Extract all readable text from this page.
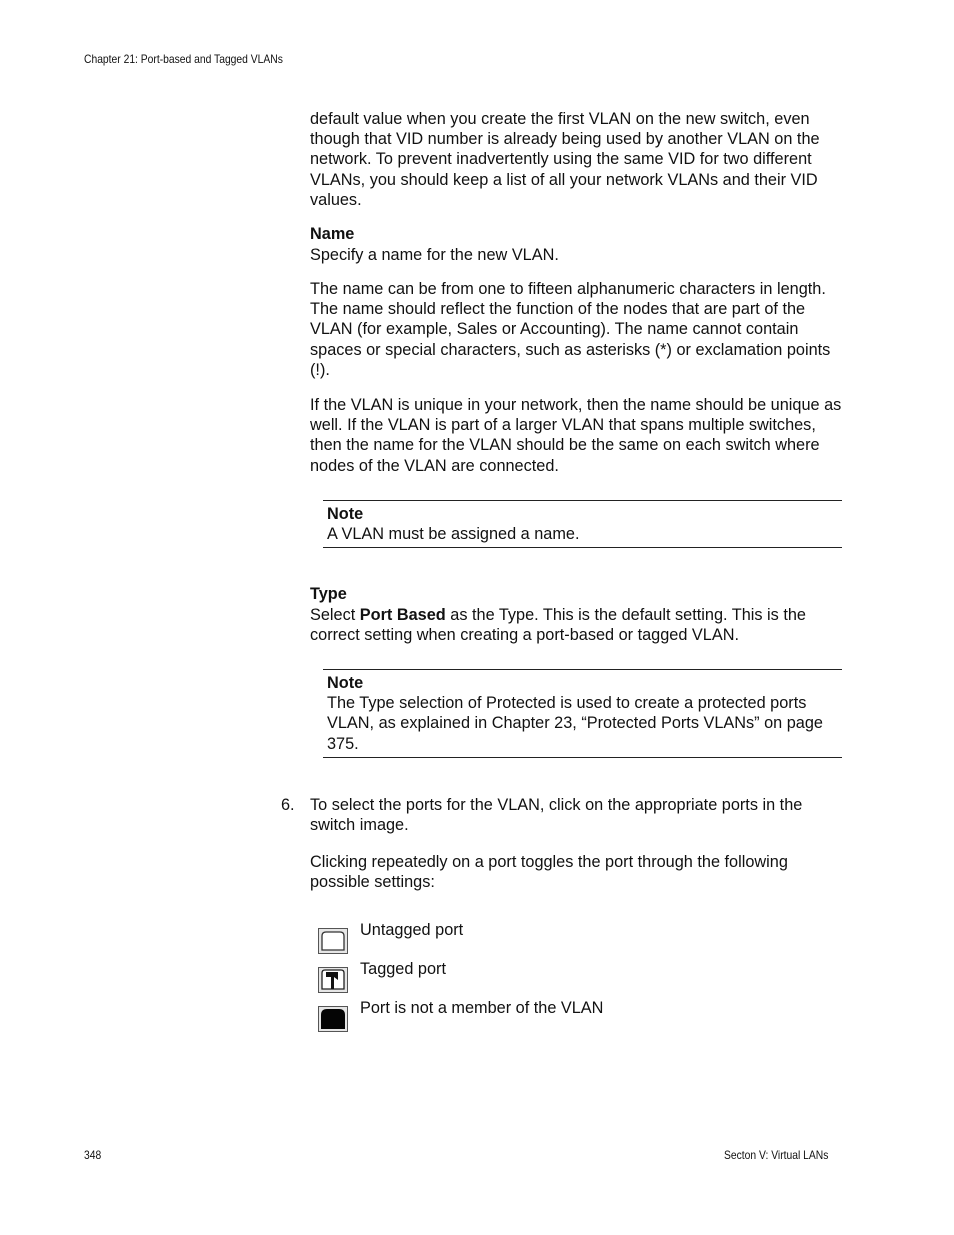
Chapter 21: Port-based and Tagged VLANs

default value when you create the first VLAN on the new switch, even though that VID number is already being used by another VLAN on the network. To prevent inadvertently using the same VID for two different VLANs, you should keep a list of all your network VLANs and their VID values.

Name

Specify a name for the new VLAN.

The name can be from one to fifteen alphanumeric characters in length. The name should reflect the function of the nodes that are part of the VLAN (for example, Sales or Accounting). The name cannot contain spaces or special characters, such as asterisks (*) or exclamation points (!).

If the VLAN is unique in your network, then the name should be unique as well. If the VLAN is part of a larger VLAN that spans multiple switches, then the name for the VLAN should be the same on each switch where nodes of the VLAN are connected.

Note
A VLAN must be assigned a name.
Type

Select Port Based as the Type. This is the default setting. This is the correct setting when creating a port-based or tagged VLAN.

Note
The Type selection of Protected is used to create a protected ports VLAN, as explained in Chapter 23, “Protected Ports VLANs” on page 375.
6. To select the ports for the VLAN, click on the appropriate ports in the switch image.

Clicking repeatedly on a port toggles the port through the following possible settings:

Untagged port
Tagged port
Port is not a member of the VLAN
348	Secton V: Virtual LANs
